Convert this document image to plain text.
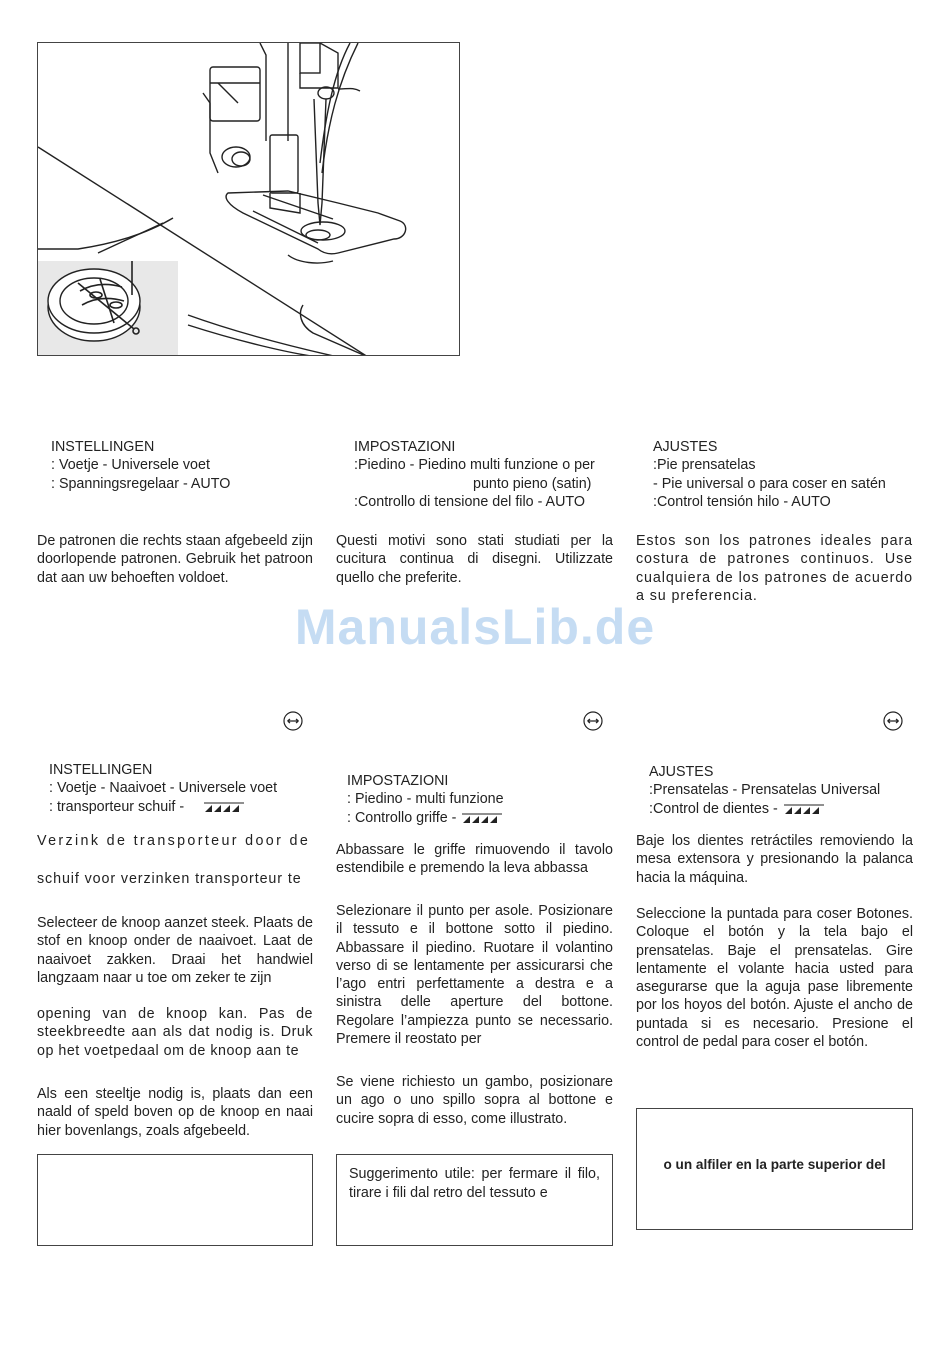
INSTELLINGEN
: Voetje - Universele voet
: Spanningsregelaar - AUTO
IMPOSTAZIONI
:Piedino - Piedino multi funzione o per
punto pieno (satin)
:Controllo di tensione del filo - AUTO
AJUSTES
:Pie prensatelas
- Pie universal o para coser en satén
:Control tensión hilo - AUTO
De patronen die rechts staan afgebeeld zijn doorlopende patronen. Gebruik het patroon dat aan uw behoeften voldoet.
Questi motivi sono stati studiati per la cucitura continua di disegni. Utilizzate quello che preferite.
Estos son los patrones ideales para costura de patrones continuos. Use cualquiera de los patrones de acuerdo a su preferencia.
ManualsLib.de
INSTELLINGEN
: Voetje - Naaivoet - Universele voet
: transporteur schuif -
IMPOSTAZIONI
: Piedino - multi funzione
: Controllo griffe -
AJUSTES
:Prensatelas - Prensatelas Universal
:Control de dientes -
Verzink de transporteur door de
schuif voor verzinken transporteur te
Selecteer de knoop aanzet steek. Plaats de stof en knoop onder de naaivoet. Laat de naaivoet zakken. Draai het handwiel langzaam naar u toe om zeker te zijn
opening van de knoop kan. Pas de steekbreedte aan als dat nodig is. Druk op het voetpedaal om de knoop aan te
Als een steeltje nodig is, plaats dan een naald of speld boven op de knoop en naai hier bovenlangs, zoals afgebeeld.
Abbassare le griffe rimuovendo il tavolo estendibile e premendo la leva abbassa
Selezionare il punto per asole. Posizionare il tessuto e il bottone sotto il piedino. Abbassare il piedino. Ruotare il volantino verso di se lentamente per assicurarsi che l’ago entri perfettamente a destra e a sinistra delle aperture del bottone. Regolare l’ampiezza punto se necessario. Premere il reostato per
Se viene richiesto un gambo, posizionare un ago o uno spillo sopra al bottone e cucire sopra di esso, come illustrato.
Suggerimento utile: per fermare il filo, tirare i fili dal retro del tessuto e
Baje los dientes retráctiles removiendo la mesa extensora y presionando la palanca hacia la máquina.
Seleccione la puntada para coser Botones. Coloque el botón y la tela bajo el prensatelas. Baje el prensatelas. Gire lentamente el volante hacia usted para asegurarse que la aguja pase libremente por los hoyos del botón. Ajuste el ancho de puntada si es necesario. Presione el control de pedal para coser el botón.
o un alfiler en la parte superior del
